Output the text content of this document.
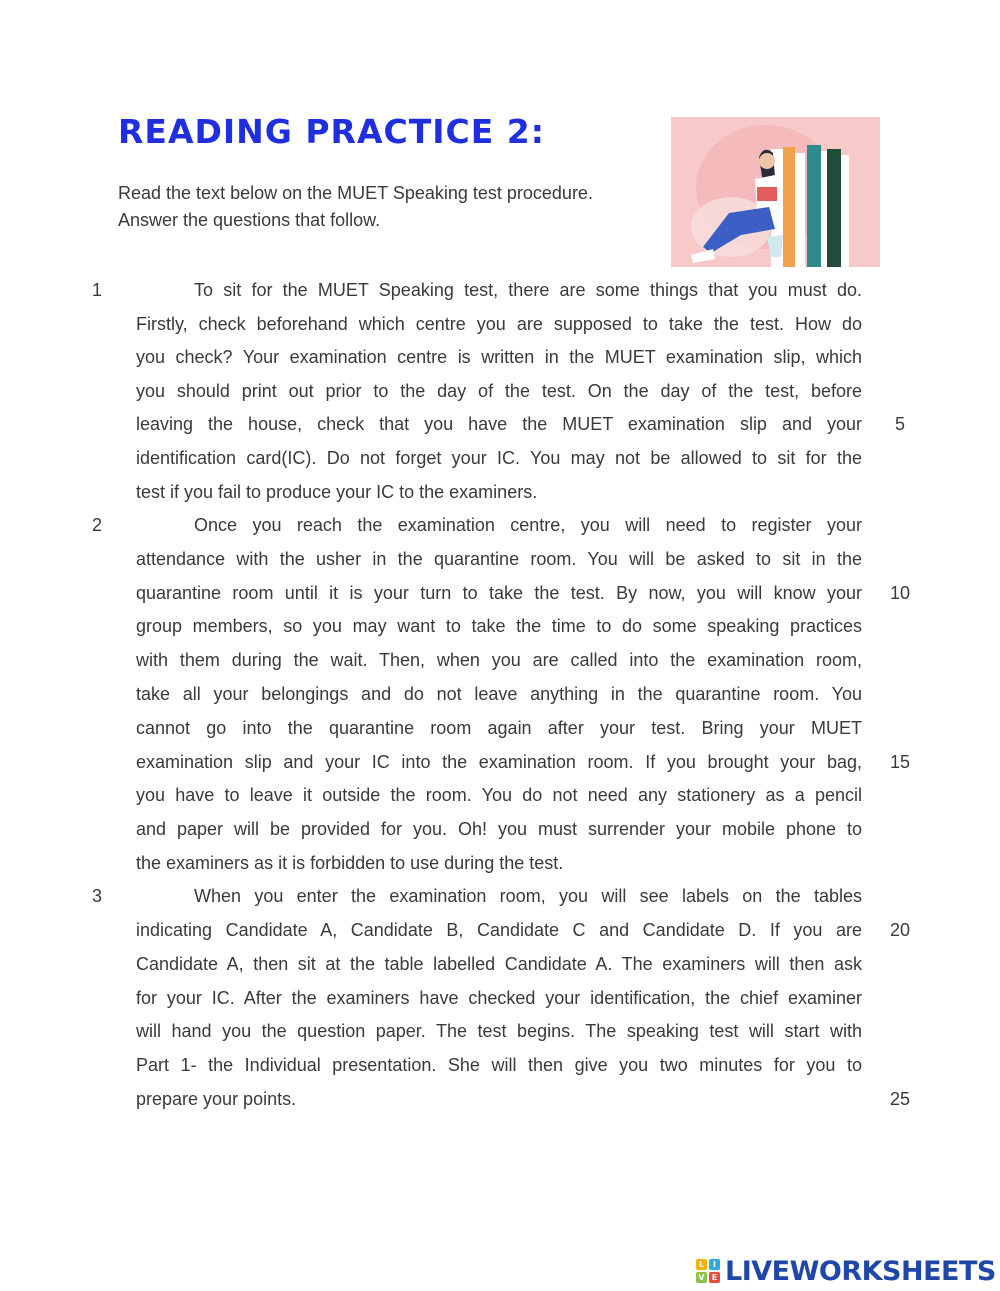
READING PRACTICE 2:
Read the text below on the MUET Speaking test procedure.
Answer the questions that follow.
1
2
3
5
10
15
20
25
To sit for the MUET Speaking test, there are some things that you must do.
Firstly, check beforehand which centre you are supposed to take the test. How do
you check? Your examination centre is written in the MUET examination slip, which
you should print out prior to the day of the test. On the day of the test, before
leaving the house, check that you have the MUET examination slip and your
identification card(IC). Do not forget your IC. You may not be allowed to sit for the
test if you fail to produce your IC to the examiners.
Once you reach the examination centre, you will need to register your
attendance with the usher in the quarantine room. You will be asked to sit in the
quarantine room until it is your turn to take the test. By now, you will know your
group members, so you may want to take the time to do some speaking practices
with them during the wait. Then, when you are called into the examination room,
take all your belongings and do not leave anything in the quarantine room. You
cannot go into the quarantine room again after your test. Bring your MUET
examination slip and your IC into the examination room. If you brought your bag,
you have to leave it outside the room. You do not need any stationery as a pencil
and paper will be provided for you. Oh! you must surrender your mobile phone to
the examiners as it is forbidden to use during the test.
When you enter the examination room, you will see labels on the tables
indicating Candidate A, Candidate B, Candidate C and Candidate D. If you are
Candidate A, then sit at the table labelled Candidate A. The examiners will then ask
for your IC. After the examiners have checked your identification, the chief examiner
will hand you the question paper. The test begins. The speaking test will start with
Part 1- the Individual presentation. She will then give you two minutes for you to
prepare your points.
L	I
V E LIVEWORKSHEETS
